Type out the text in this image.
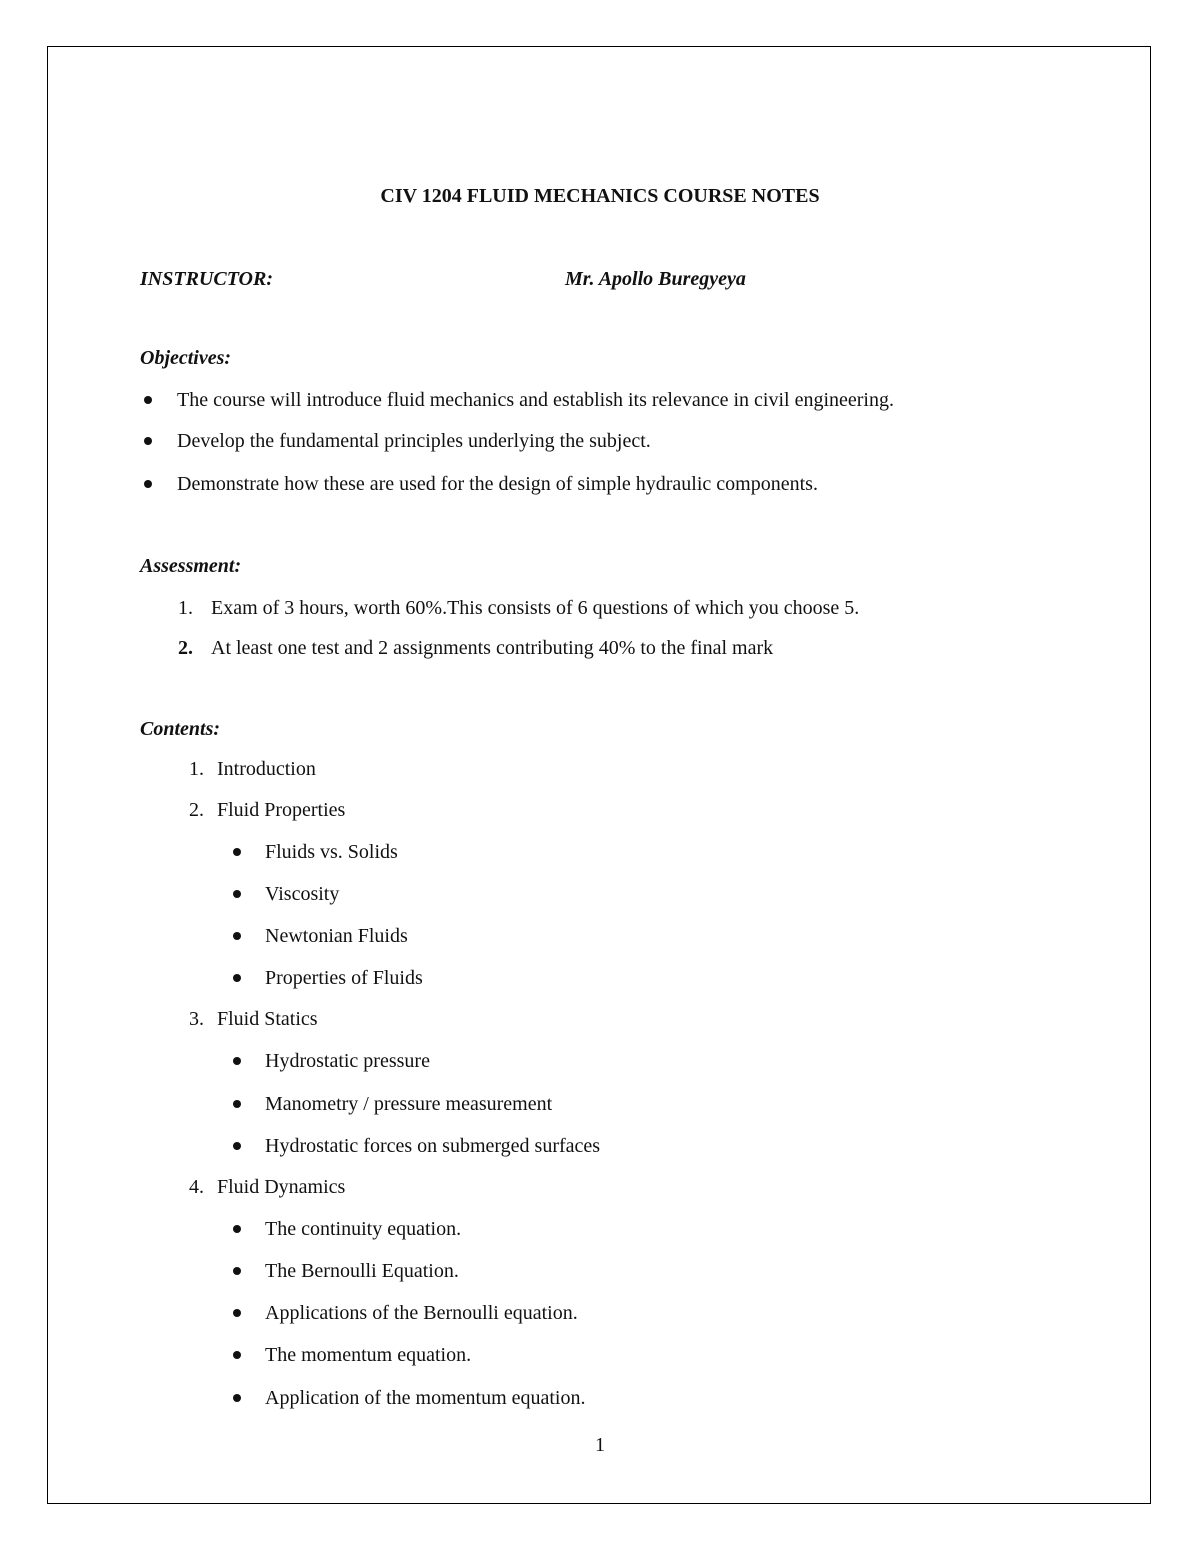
CIV 1204 FLUID MECHANICS COURSE NOTES
INSTRUCTOR:	Mr. Apollo Buregyeya
Objectives:
The course will introduce fluid mechanics and establish its relevance in civil engineering.
Develop the fundamental principles underlying the subject.
Demonstrate how these are used for the design of simple hydraulic components.
Assessment:
1. Exam of 3 hours, worth 60%.This consists of 6 questions of which you choose 5.
2. At least one test and 2 assignments contributing 40% to the final mark
Contents:
1. Introduction
2. Fluid Properties
Fluids vs. Solids
Viscosity
Newtonian Fluids
Properties of Fluids
3. Fluid Statics
Hydrostatic pressure
Manometry / pressure measurement
Hydrostatic forces on submerged surfaces
4. Fluid Dynamics
The continuity equation.
The Bernoulli Equation.
Applications of the Bernoulli equation.
The momentum equation.
Application of the momentum equation.
1
